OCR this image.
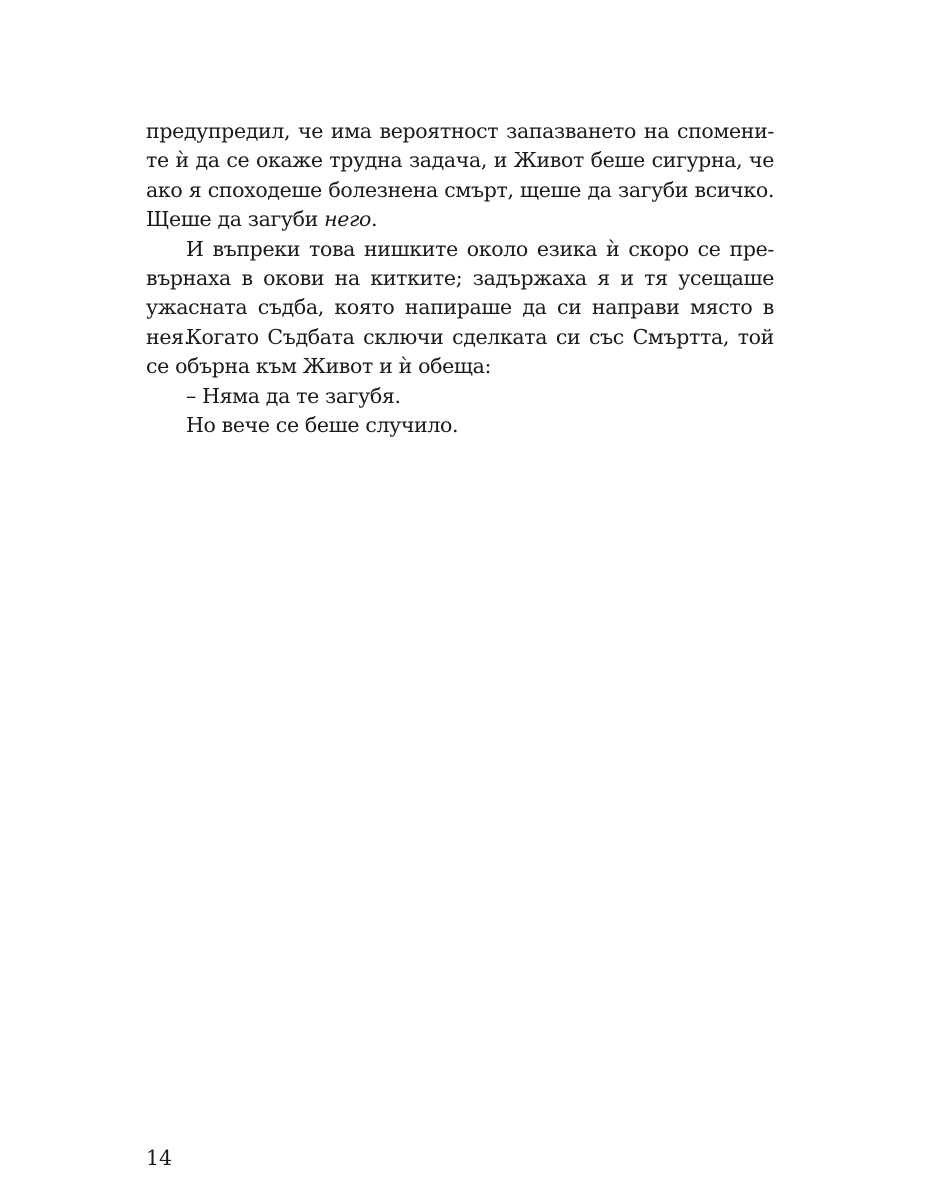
предупредил, че има вероятност запазването на спомени-
те ѝ да се окаже трудна задача, и Живот беше сигурна, че
ако я споходеше болезнена смърт, щеше да загуби всичко.
Щеше да загуби него.
И въпреки това нишките около езика ѝ скоро се пре-
върнаха в окови на китките; задържаха я и тя усещаше
ужасната съдба, която напираше да си направи място в нея.
Когато Съдбата сключи сделката си със Смъртта, той
се обърна към Живот и ѝ обеща:
– Няма да те загубя.
Но вече се беше случило.
14
